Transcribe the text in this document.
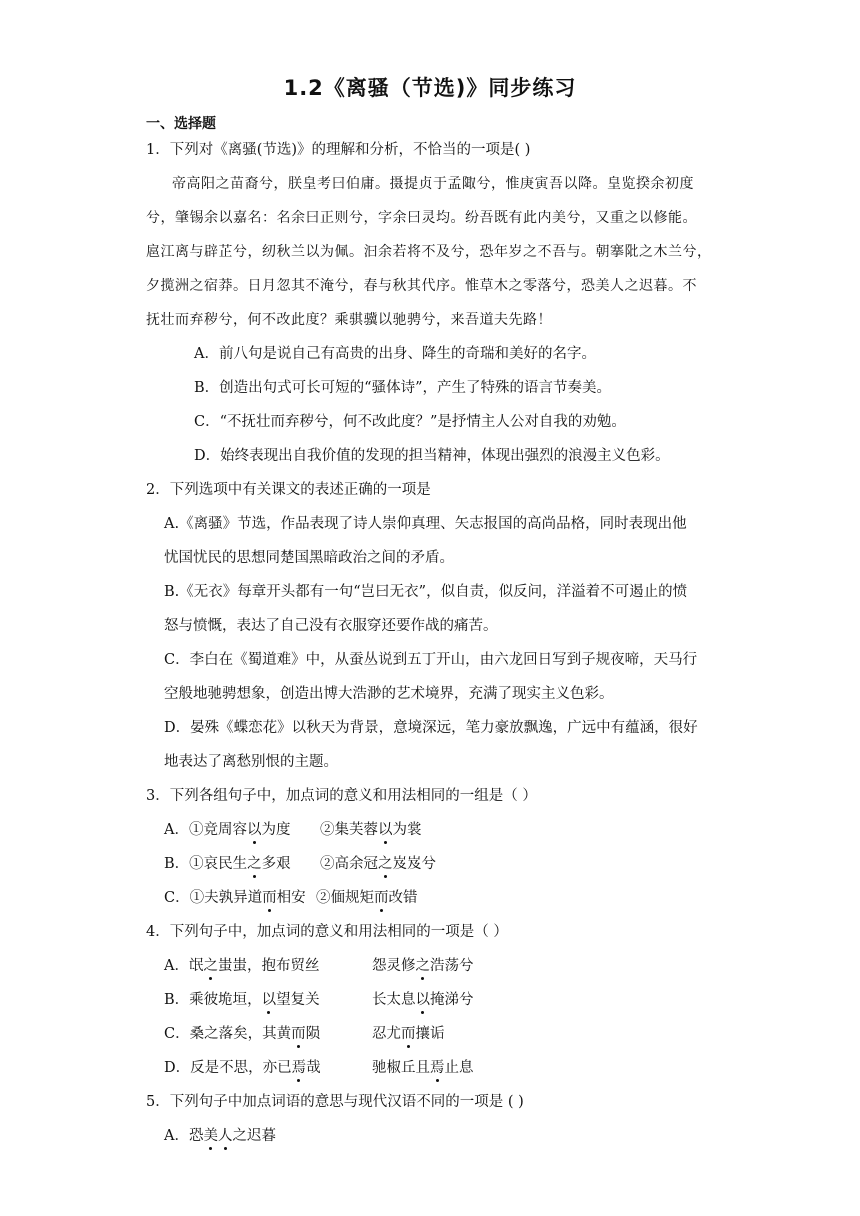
1.2《离骚（节选)》同步练习
一、选择题
1．下列对《离骚(节选)》的理解和分析，不恰当的一项是( )
帝高阳之苗裔兮，朕皇考曰伯庸。摄提贞于孟陬兮，惟庚寅吾以降。皇览揆余初度
兮，肇锡余以嘉名：名余曰正则兮，字余曰灵均。纷吾既有此内美兮，又重之以修能。
扈江离与辟芷兮，纫秋兰以为佩。汩余若将不及兮，恐年岁之不吾与。朝搴阰之木兰兮，
夕揽洲之宿莽。日月忽其不淹兮，春与秋其代序。惟草木之零落兮，恐美人之迟暮。不
抚壮而弃秽兮，何不改此度？乘骐骥以驰骋兮，来吾道夫先路！
A．前八句是说自己有高贵的出身、降生的奇瑞和美好的名字。
B．创造出句式可长可短的“骚体诗”，产生了特殊的语言节奏美。
C．“不抚壮而弃秽兮，何不改此度？”是抒情主人公对自我的劝勉。
D．始终表现出自我价值的发现的担当精神，体现出强烈的浪漫主义色彩。
2．下列选项中有关课文的表述正确的一项是
A.《离骚》节选，作品表现了诗人崇仰真理、矢志报国的高尚品格，同时表现出他
忧国忧民的思想同楚国黑暗政治之间的矛盾。
B.《无衣》每章开头都有一句“岂曰无衣”，似自责，似反问，洋溢着不可遏止的愤
怒与愤慨，表达了自己没有衣服穿还要作战的痛苦。
C．李白在《蜀道难》中，从蚕丛说到五丁开山，由六龙回日写到子规夜啼，天马行
空般地驰骋想象，创造出博大浩渺的艺术境界，充满了现实主义色彩。
D．晏殊《蝶恋花》以秋天为背景，意境深远，笔力豪放飘逸，广远中有蕴涵，很好
地表达了离愁别恨的主题。
3．下列各组句子中，加点词的意义和用法相同的一组是（ ）
A．①竞周容以为度 ②集芙蓉以为裳
B．①哀民生之多艰 ②高余冠之岌岌兮
C．①夫孰异道而相安 ②偭规矩而改错
4．下列句子中，加点词的意义和用法相同的一项是（ ）
A．氓之蚩蚩，抱布贸丝	怨灵修之浩荡兮
B．乘彼垝垣，以望复关	长太息以掩涕兮
C．桑之落矣，其黄而陨	忍尤而攘诟
D．反是不思，亦已焉哉	驰椒丘且焉止息
5．下列句子中加点词语的意思与现代汉语不同的一项是 ( )
A．恐美人之迟暮
